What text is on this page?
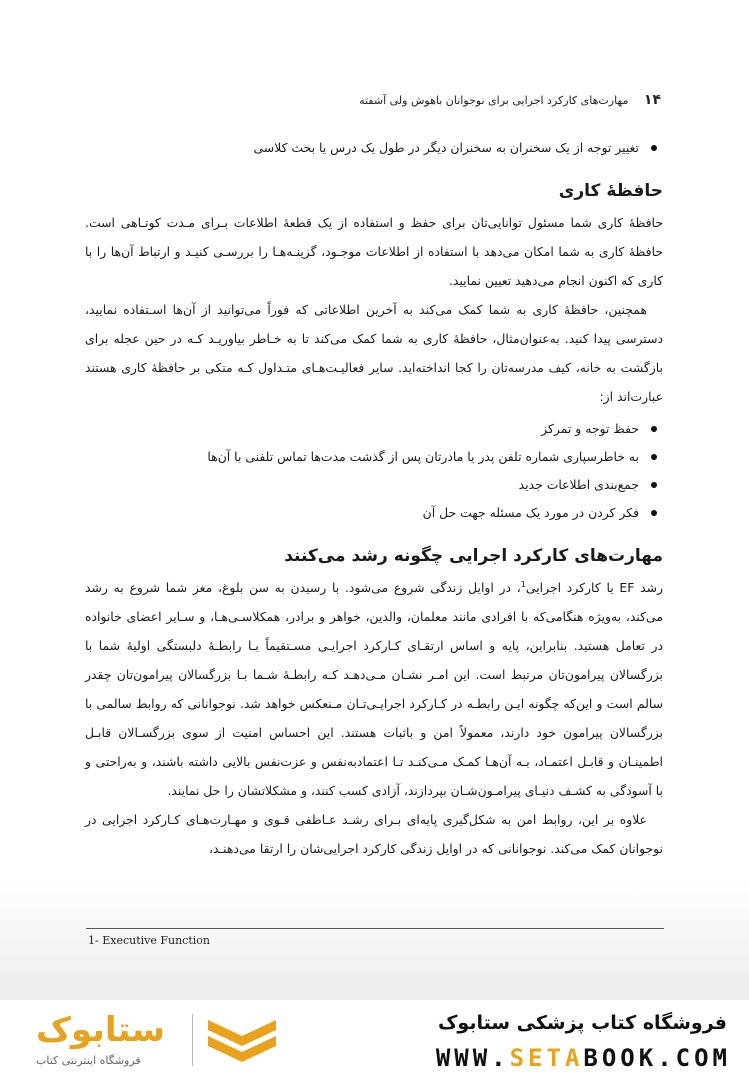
۱۴ مهارت‌های کارکرد اجرایی برای نوجوانان باهوش ولی آشفته
تغییر توجه از یک سخنران به سخنران دیگر در طول یک درس یا بحث کلاسی
حافظهٔ کاری

حافظهٔ کاری شما مسئول توانایی‌تان برای حفظ و استفاده از یک قطعهٔ اطلاعات بـرای مـدت کوتـاهی است. حافظهٔ کاری به شما امکان می‌دهد با استفاده از اطلاعات موجـود، گزینـه‌هـا را بررسـی کنیـد و ارتباط آن‌ها را با کاری که اکنون انجام می‌دهید تعیین نمایید.

همچنین، حافظهٔ کاری به شما کمک می‌کند به آخرین اطلاعاتی که فوراً می‌توانید از آن‌ها اسـتفاده نمایید، دسترسی پیدا کنید. به‌عنوان‌مثال، حافظهٔ کاری به شما کمک می‌کند تا به خـاطر بیاوریـد کـه در حین عجله برای بازگشت به خانه، کیف مدرسه‌تان را کجا انداخته‌اید. سایر فعالیـت‌هـای متـداول کـه متکی بر حافظهٔ کاری هستند عبارت‌اند از:

حفظ توجه و تمرکز
به خاطرسپاری شماره تلفن پدر یا مادرتان پس از گذشت مدت‌ها تماس تلفنی با آن‌ها
جمع‌بندی اطلاعات جدید
فکر کردن در مورد یک مسئله جهت حل آن
مهارت‌های کارکرد اجرایی چگونه رشد می‌کنند

رشد EF یا کارکرد اجرایی$^1$، در اوایل زندگی شروع می‌شود. با رسیدن به سن بلوغ، مغز شما شروع به رشد می‌کند، به‌ویژه هنگامی‌که با افرادی مانند معلمان، والدین، خواهر و برادر، همکلاسـی‌هـا، و سـایر اعضای خانواده در تعامل هستید. بنابراین، پایه و اساس ارتقـای کـارکرد اجرایـی مسـتقیماً بـا رابطـهٔ دلبستگی اولیهٔ شما با بزرگسالان پیرامون‌تان مرتبط است. این امـر نشـان مـی‌دهـد کـه رابطـهٔ شـما بـا بزرگسالان پیرامون‌تان چقدر سالم است و این‌که چگونه ایـن رابطـه در کـارکرد اجرایـی‌تـان مـنعکس خواهد شد. نوجوانانی که روابط سالمی با بزرگسالان پیرامون خود دارند، معمولاً امن و باثبات هستند. این احساس امنیت از سوی بزرگسـالان قابـل اطمینـان و قابـل اعتمـاد، بـه آن‌هـا کمـک مـی‌کنـد تـا اعتمادبه‌نفس و عزت‌نفس بالایی داشته باشند، و به‌راحتی و با آسودگی به کشـف دنیـای پیرامـون‌شـان بپردازند، آزادی کسب کنند، و مشکلاتشان را حل نمایند.

علاوه بر این، روابط امن به شکل‌گیری پایه‌ای بـرای رشـد عـاطفی قـوی و مهـارت‌هـای کـارکرد اجرایی در نوجوانان کمک می‌کند. نوجوانانی که در اوایل زندگی کارکرد اجرایی‌شان را ارتقا می‌دهنـد،

1- Executive Function
ستابوک
فروشگاه اینترنتی کتاب
فروشگاه کتاب پزشکی ستابوک
WWW.SETABOOK.COM
